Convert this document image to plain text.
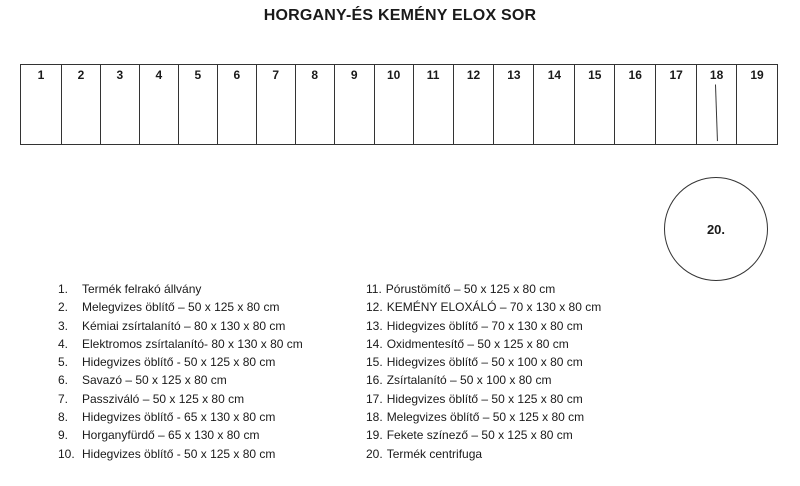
HORGANY-ÉS KEMÉNY ELOX SOR
1	2	3	4	5	6	7	8	9	10	11	12	13	14	15	16	17	18	19
20.
1. Termék felrakó állvány
2. Melegvizes öblítő – 50 x 125 x 80 cm
3. Kémiai zsírtalanító – 80 x 130 x 80 cm
4. Elektromos zsírtalanító- 80 x 130 x 80 cm
5. Hidegvizes öblítő - 50 x 125 x 80 cm
6. Savazó – 50 x 125 x 80 cm
7. Passziváló – 50 x 125 x 80 cm
8. Hidegvizes öblítő - 65 x 130 x 80 cm
9. Horganyfürdő – 65 x 130 x 80 cm
10. Hidegvizes öblítő - 50 x 125 x 80 cm
11. Pórustömítő – 50 x 125 x 80 cm
12. KEMÉNY ELOXÁLÓ – 70 x 130 x 80 cm
13. Hidegvizes öblítő – 70 x 130 x 80 cm
14. Oxidmentesítő – 50 x 125 x 80 cm
15. Hidegvizes öblítő – 50 x 100 x 80 cm
16. Zsírtalanító – 50 x 100 x 80 cm
17. Hidegvizes öblítő – 50 x 125 x 80 cm
18. Melegvizes öblítő – 50 x 125 x 80 cm
19. Fekete színező – 50 x 125 x 80 cm
20. Termék centrifuga
